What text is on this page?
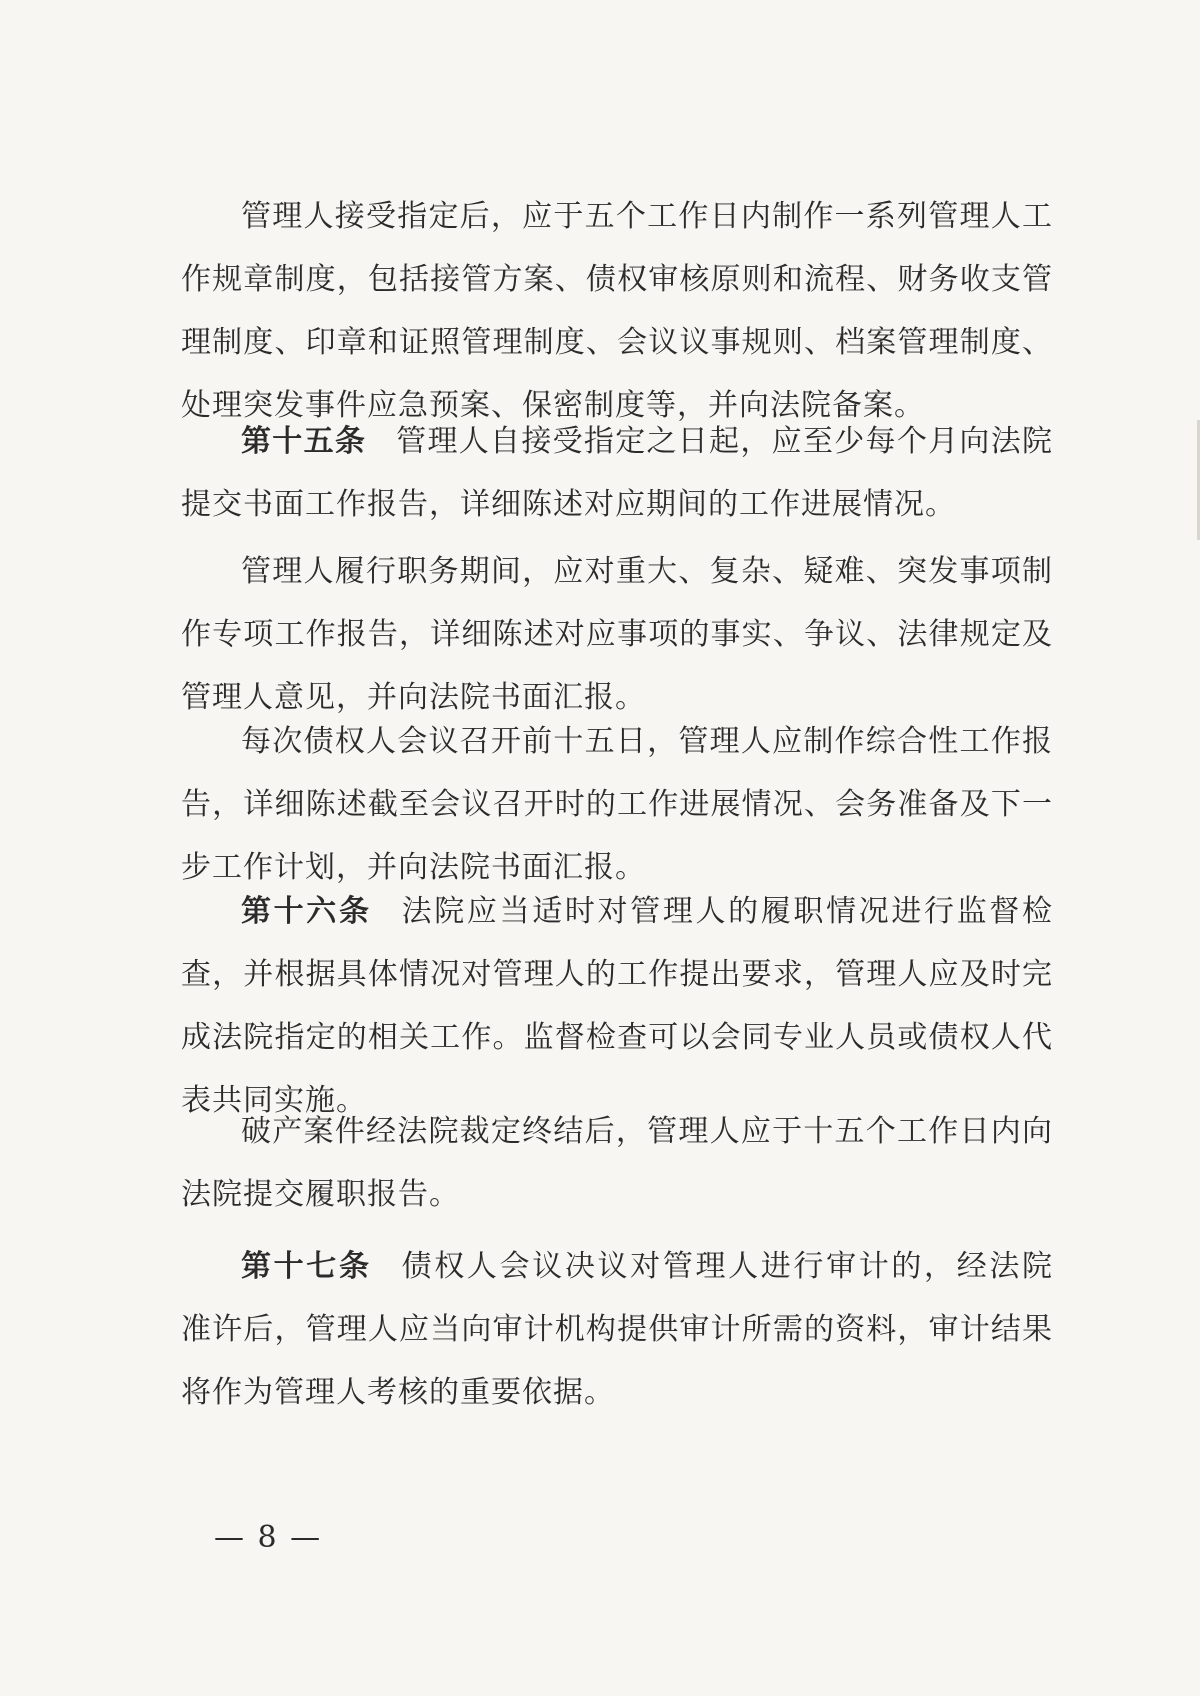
管理人接受指定后，应于五个工作日内制作一系列管理人工
作规章制度，包括接管方案、债权审核原则和流程、财务收支管
理制度、印章和证照管理制度、会议议事规则、档案管理制度、
处理突发事件应急预案、保密制度等，并向法院备案。
第十五条 管理人自接受指定之日起，应至少每个月向法院
提交书面工作报告，详细陈述对应期间的工作进展情况。
管理人履行职务期间，应对重大、复杂、疑难、突发事项制
作专项工作报告，详细陈述对应事项的事实、争议、法律规定及
管理人意见，并向法院书面汇报。
每次债权人会议召开前十五日，管理人应制作综合性工作报
告，详细陈述截至会议召开时的工作进展情况、会务准备及下一
步工作计划，并向法院书面汇报。
第十六条 法院应当适时对管理人的履职情况进行监督检
查，并根据具体情况对管理人的工作提出要求，管理人应及时完
成法院指定的相关工作。监督检查可以会同专业人员或债权人代
表共同实施。
破产案件经法院裁定终结后，管理人应于十五个工作日内向
法院提交履职报告。
第十七条 债权人会议决议对管理人进行审计的，经法院
准许后，管理人应当向审计机构提供审计所需的资料，审计结果
将作为管理人考核的重要依据。
— 8 —
